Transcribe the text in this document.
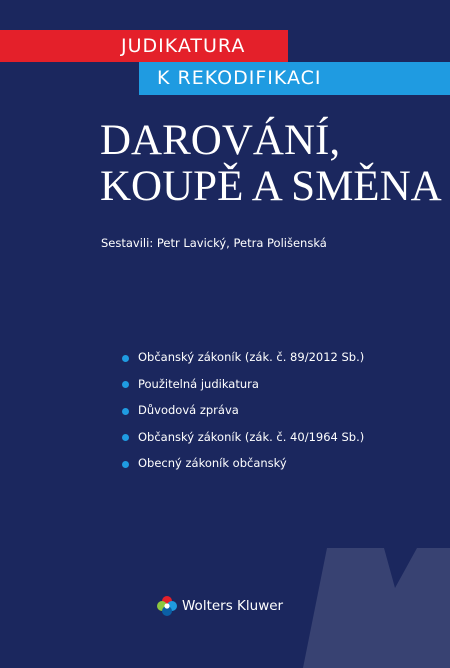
JUDIKATURA
K REKODIFIKACI
DAROVÁNÍ,
KOUPĚ A SMĚNA
Sestavili: Petr Lavický, Petra Polišenská
Občanský zákoník (zák. č. 89/2012 Sb.)
Použitelná judikatura
Důvodová zpráva
Občanský zákoník (zák. č. 40/1964 Sb.)
Obecný zákoník občanský
Wolters Kluwer
